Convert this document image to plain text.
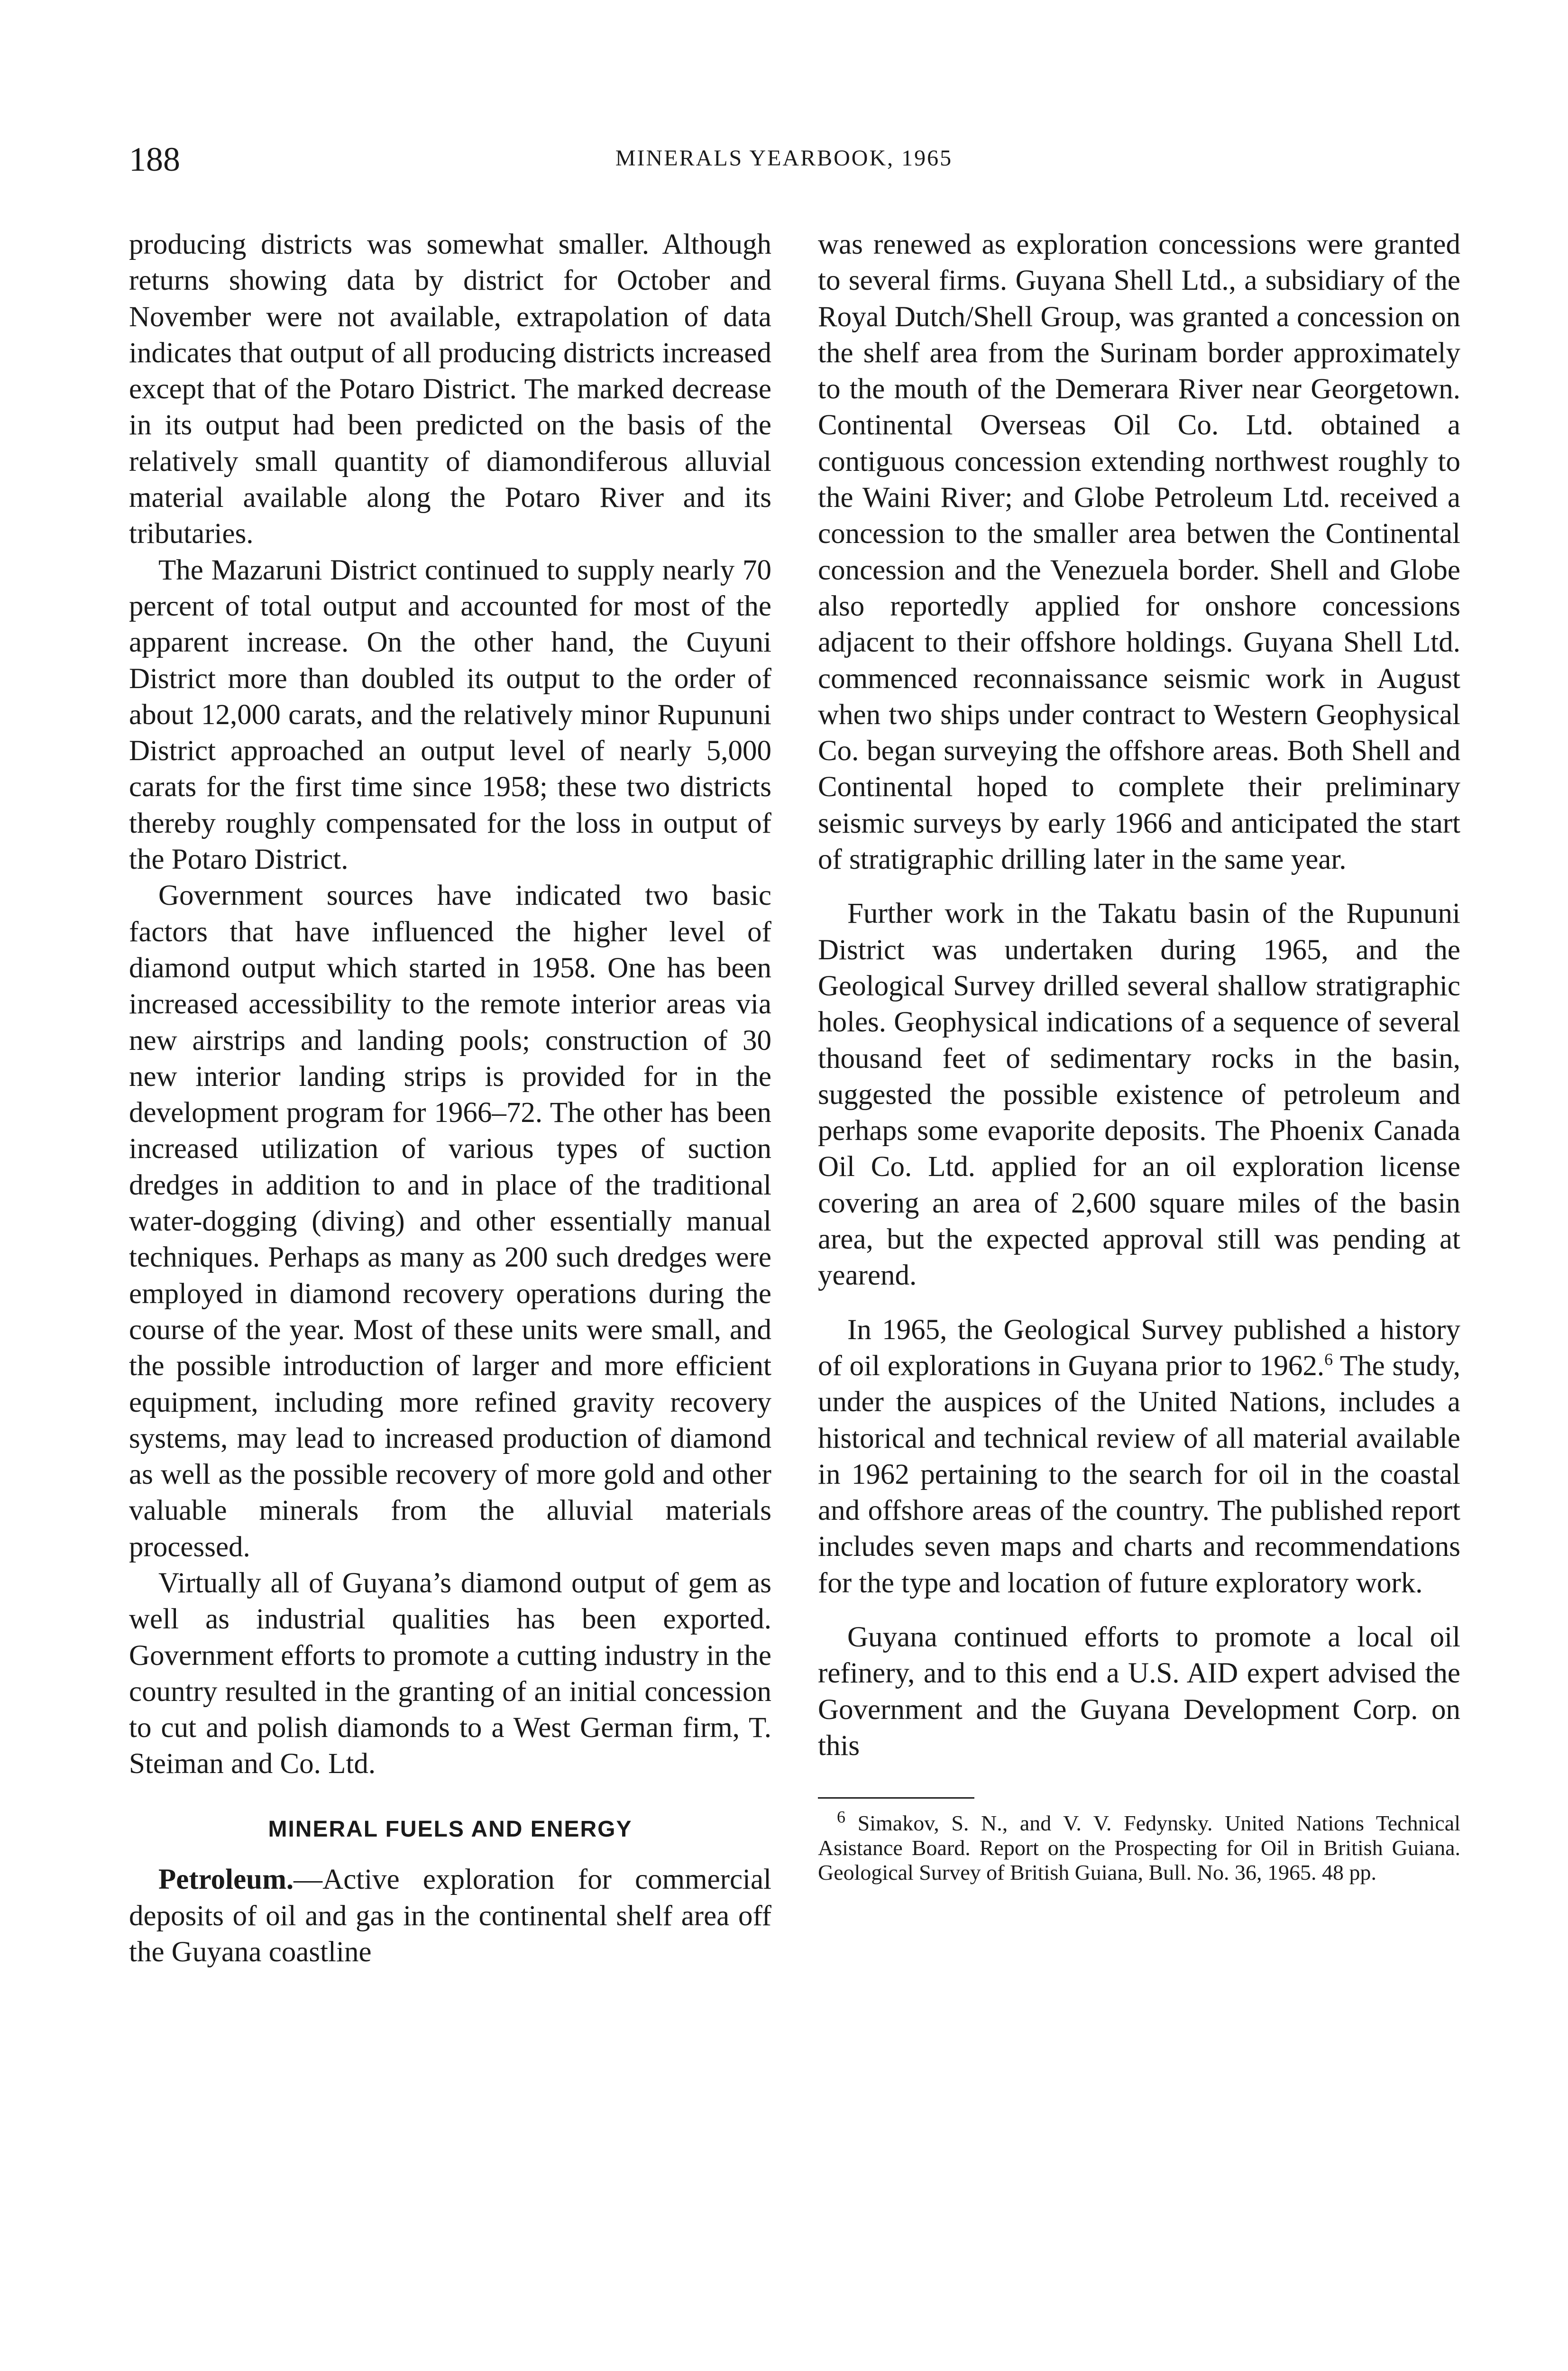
188	MINERALS YEARBOOK, 1965

producing districts was somewhat smaller. Although returns showing data by district for October and November were not available, extrapolation of data indicates that output of all producing districts increased except that of the Potaro District. The marked decrease in its output had been predicted on the basis of the relatively small quantity of diamondiferous alluvial material available along the Potaro River and its tributaries.

The Mazaruni District continued to supply nearly 70 percent of total output and accounted for most of the apparent increase. On the other hand, the Cuyuni District more than doubled its output to the order of about 12,000 carats, and the relatively minor Rupununi District approached an output level of nearly 5,000 carats for the first time since 1958; these two districts thereby roughly compensated for the loss in output of the Potaro District.

Government sources have indicated two basic factors that have influenced the higher level of diamond output which started in 1958. One has been increased accessibility to the remote interior areas via new airstrips and landing pools; construction of 30 new interior landing strips is provided for in the development program for 1966–72. The other has been increased utilization of various types of suction dredges in addition to and in place of the traditional water-dogging (diving) and other essentially manual techniques. Perhaps as many as 200 such dredges were employed in diamond recovery operations during the course of the year. Most of these units were small, and the possible introduction of larger and more efficient equipment, including more refined gravity recovery systems, may lead to increased production of diamond as well as the possible recovery of more gold and other valuable minerals from the alluvial materials processed.

Virtually all of Guyana’s diamond output of gem as well as industrial qualities has been exported. Government efforts to promote a cutting industry in the country resulted in the granting of an initial concession to cut and polish diamonds to a West German firm, T. Steiman and Co. Ltd.

MINERAL FUELS AND ENERGY

Petroleum.—Active exploration for commercial deposits of oil and gas in the continental shelf area off the Guyana coastline

was renewed as exploration concessions were granted to several firms. Guyana Shell Ltd., a subsidiary of the Royal Dutch/Shell Group, was granted a concession on the shelf area from the Surinam border approximately to the mouth of the Demerara River near Georgetown. Continental Overseas Oil Co. Ltd. obtained a contiguous concession extending northwest roughly to the Waini River; and Globe Petroleum Ltd. received a concession to the smaller area betwen the Continental concession and the Venezuela border. Shell and Globe also reportedly applied for onshore concessions adjacent to their offshore holdings. Guyana Shell Ltd. commenced reconnaissance seismic work in August when two ships under contract to Western Geophysical Co. began surveying the offshore areas. Both Shell and Continental hoped to complete their preliminary seismic surveys by early 1966 and anticipated the start of stratigraphic drilling later in the same year.

Further work in the Takatu basin of the Rupununi District was undertaken during 1965, and the Geological Survey drilled several shallow stratigraphic holes. Geophysical indications of a sequence of several thousand feet of sedimentary rocks in the basin, suggested the possible existence of petroleum and perhaps some evaporite deposits. The Phoenix Canada Oil Co. Ltd. applied for an oil exploration license covering an area of 2,600 square miles of the basin area, but the expected approval still was pending at yearend.

In 1965, the Geological Survey published a history of oil explorations in Guyana prior to 1962.$^6$ The study, under the auspices of the United Nations, includes a historical and technical review of all material available in 1962 pertaining to the search for oil in the coastal and offshore areas of the country. The published report includes seven maps and charts and recommendations for the type and location of future exploratory work.

Guyana continued efforts to promote a local oil refinery, and to this end a U.S. AID expert advised the Government and the Guyana Development Corp. on this

$^6$ Simakov, S. N., and V. V. Fedynsky. United Nations Technical Asistance Board. Report on the Prospecting for Oil in British Guiana. Geological Survey of British Guiana, Bull. No. 36, 1965. 48 pp.
